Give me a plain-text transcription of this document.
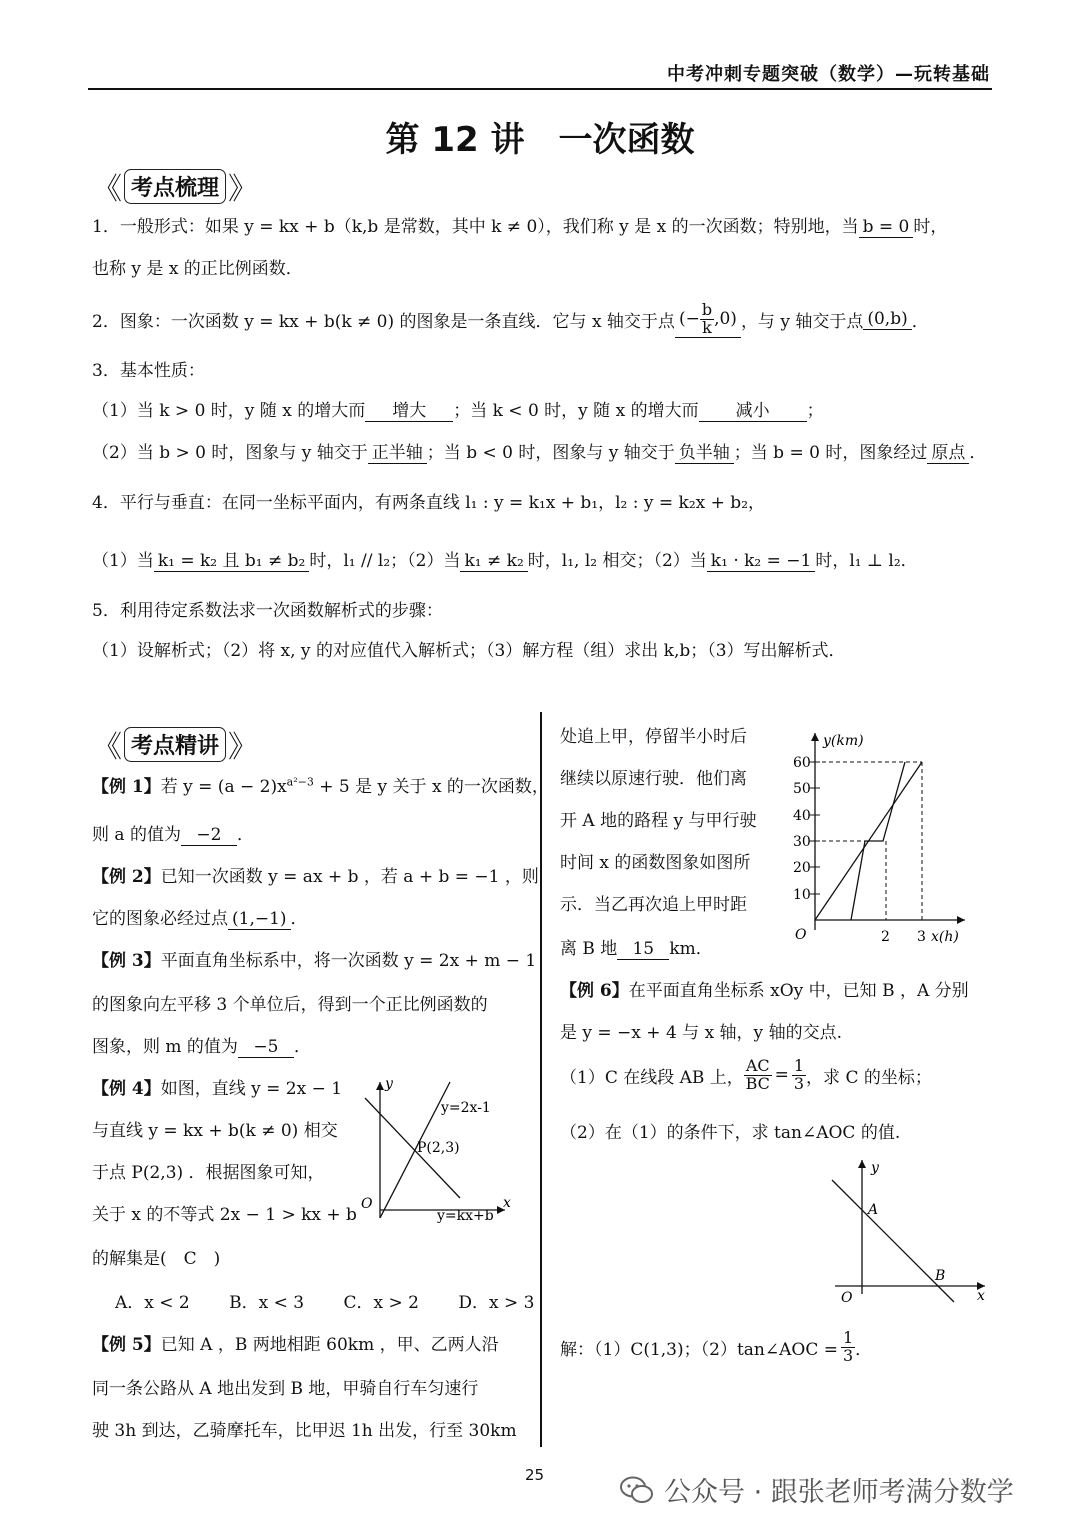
中考冲刺专题突破（数学）—玩转基础
第 12 讲　一次函数
《 考点梳理 》
1．一般形式：如果 y = kx + b（k,b 是常数，其中 k ≠ 0），我们称 y 是 x 的一次函数；特别地，当 b = 0 时，
也称 y 是 x 的正比例函数．
2．图象：一次函数 y = kx + b(k ≠ 0) 的图象是一条直线．它与 x 轴交于点 (− $\frac{b}{k} ,0$) ，与 y 轴交于点 (0,b) ．
3．基本性质：
（1）当 k > 0 时，y 随 x 的增大而 增大 ；当 k < 0 时，y 随 x 的增大而 减小 ；
（2）当 b > 0 时，图象与 y 轴交于 正半轴 ；当 b < 0 时，图象与 y 轴交于 负半轴 ；当 b = 0 时，图象经过 原点 ．
4．平行与垂直：在同一坐标平面内，有两条直线 l₁ : y = k₁x + b₁，l₂ : y = k₂x + b₂，
（1）当 k₁ = k₂ 且 b₁ ≠ b₂ 时，l₁ // l₂；（2）当 k₁ ≠ k₂ 时，l₁, l₂ 相交；（2）当 k₁ · k₂ = −1 时，l₁ ⊥ l₂．
5．利用待定系数法求一次函数解析式的步骤：
（1）设解析式；（2）将 x, y 的对应值代入解析式；（3）解方程（组）求出 k,b；（3）写出解析式．
《 考点精讲 》
【例 1】若 $y = (a - 2)x^{a^2-3} + 5$ 是 y 关于 x 的一次函数，
则 a 的值为 −2 ．
【例 2】已知一次函数 y = ax + b ，若 a + b = −1 ，则
它的图象必经过点 (1,−1) ．
【例 3】平面直角坐标系中，将一次函数 y = 2x + m − 1
的图象向左平移 3 个单位后，得到一个正比例函数的
图象，则 m 的值为 −5 ．
【例 4】如图，直线 y = 2x − 1
与直线 y = kx + b(k ≠ 0) 相交
于点 P(2,3) ．根据图象可知，
关于 x 的不等式 2x − 1 > kx + b
的解集是(　C　)
A．x < 2 B．x < 3 C．x > 2 D．x > 3
y
x
O
y=2x-1
y=kx+b
P(2,3)
【例 5】已知 A ，B 两地相距 60km ，甲、乙两人沿
同一条公路从 A 地出发到 B 地，甲骑自行车匀速行
驶 3h 到达，乙骑摩托车，比甲迟 1h 出发，行至 30km
处追上甲，停留半小时后
继续以原速行驶．他们离
开 A 地的路程 y 与甲行驶
时间 x 的函数图象如图所
示．当乙再次追上甲时距
离 B 地 15 km．
10
20
30
40
50
60
2 3
O
y(km)
x(h)
【例 6】在平面直角坐标系 xOy 中，已知 B ，A 分别
是 y = −x + 4 与 x 轴，y 轴的交点.
（1）C 在线段 AB 上， $\frac{AC}{BC} = \frac{1}{3}$ ，求 C 的坐标；
（2）在（1）的条件下，求 tan∠AOC 的值.
y
x
O
A
B
解：（1）C(1,3)；（2）tan∠AOC = $\frac{1}{3}$ ．
25
公众号 · 跟张老师考满分数学
